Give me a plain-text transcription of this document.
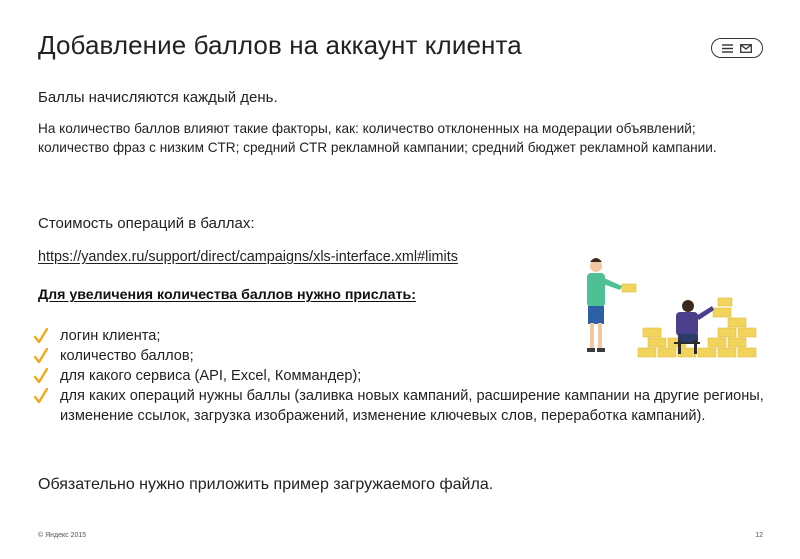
Добавление баллов на аккаунт клиента
Баллы начисляются каждый день.
На количество баллов влияют такие факторы, как: количество отклоненных на модерации объявлений; количество фраз с низким CTR; средний CTR рекламной кампании; средний бюджет рекламной кампании.
Стоимость операций в баллах:
https://yandex.ru/support/direct/campaigns/xls-interface.xml#limits
Для увеличения количества баллов нужно прислать:
логин клиента;
количество баллов;
для какого сервиса (API, Excel, Коммандер);
для каких операций нужны баллы (заливка новых кампаний, расширение кампании на другие регионы, изменение ссылок, загрузка изображений, изменение ключевых слов, переработка кампаний).
Обязательно нужно приложить пример загружаемого файла.
© Яндекс 2015	12
